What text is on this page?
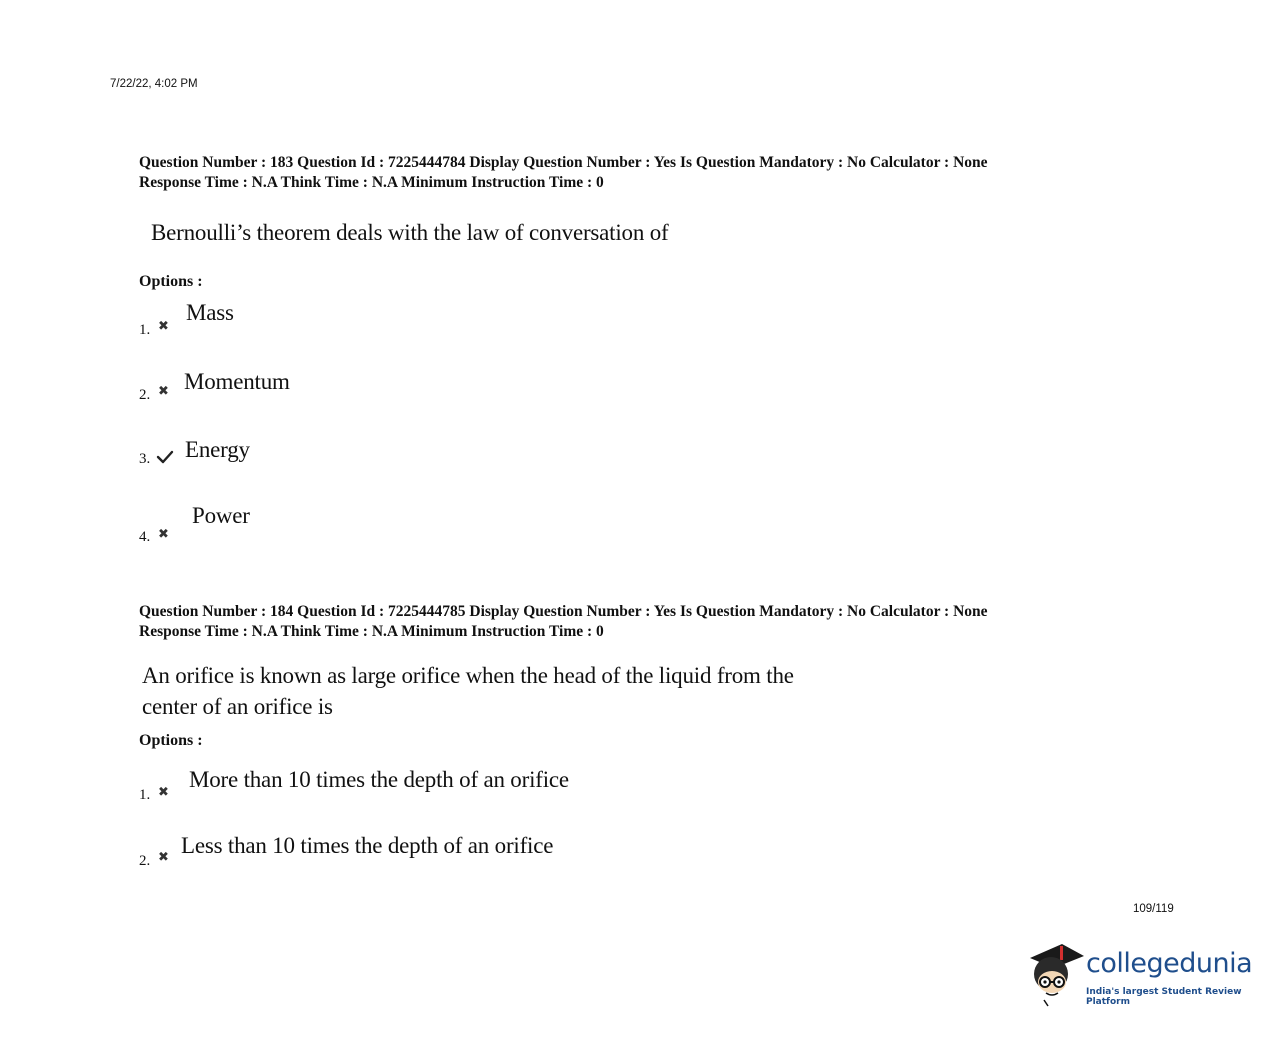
7/22/22, 4:02 PM
Question Number : 183 Question Id : 7225444784 Display Question Number : Yes Is Question Mandatory : No Calculator : None
Response Time : N.A Think Time : N.A Minimum Instruction Time : 0
Bernoulli’s theorem deals with the law of conversation of
Options :
1. ✖
Mass
2. ✖ Momentum
3. Energy
4. ✖
Power
Question Number : 184 Question Id : 7225444785 Display Question Number : Yes Is Question Mandatory : No Calculator : None
Response Time : N.A Think Time : N.A Minimum Instruction Time : 0
An orifice is known as large orifice when the head of the liquid from the
center of an orifice is
Options :
1. ✖
More than 10 times the depth of an orifice
2. ✖ Less than 10 times the depth of an orifice
109/119
collegedunia
India's largest Student Review Platform
